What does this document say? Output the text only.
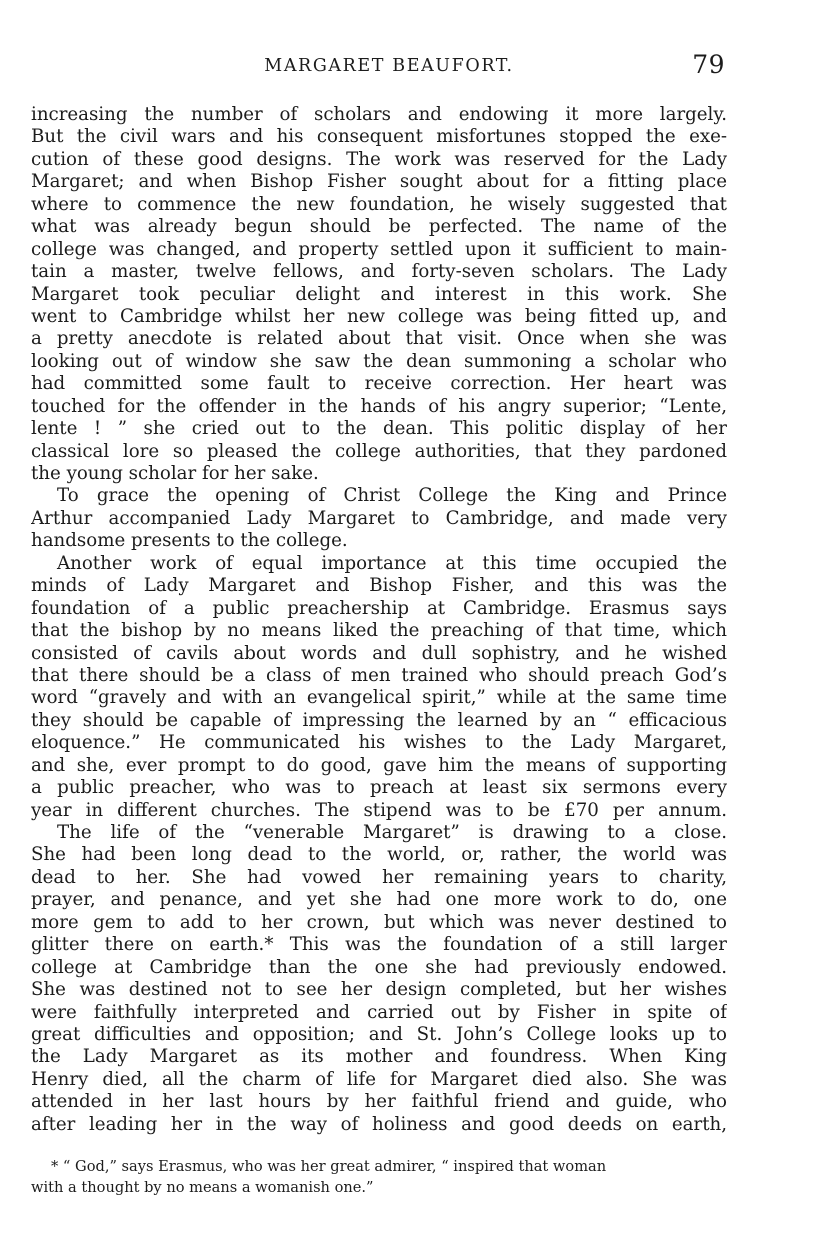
MARGARET BEAUFORT.	79
increasing the number of scholars and endowing it more largely.
But the civil wars and his consequent misfortunes stopped the exe-
cution of these good designs. The work was reserved for the Lady
Margaret; and when Bishop Fisher sought about for a fitting place
where to commence the new foundation, he wisely suggested that
what was already begun should be perfected. The name of the
college was changed, and property settled upon it sufficient to main-
tain a master, twelve fellows, and forty-seven scholars. The Lady
Margaret took peculiar delight and interest in this work. She
went to Cambridge whilst her new college was being fitted up, and
a pretty anecdote is related about that visit. Once when she was
looking out of window she saw the dean summoning a scholar who
had committed some fault to receive correction. Her heart was
touched for the offender in the hands of his angry superior; “Lente,
lente ! ” she cried out to the dean. This politic display of her
classical lore so pleased the college authorities, that they pardoned
the young scholar for her sake.
To grace the opening of Christ College the King and Prince
Arthur accompanied Lady Margaret to Cambridge, and made very
handsome presents to the college.
Another work of equal importance at this time occupied the
minds of Lady Margaret and Bishop Fisher, and this was the
foundation of a public preachership at Cambridge. Erasmus says
that the bishop by no means liked the preaching of that time, which
consisted of cavils about words and dull sophistry, and he wished
that there should be a class of men trained who should preach God’s
word “gravely and with an evangelical spirit,” while at the same time
they should be capable of impressing the learned by an “ efficacious
eloquence.” He communicated his wishes to the Lady Margaret,
and she, ever prompt to do good, gave him the means of supporting
a public preacher, who was to preach at least six sermons every
year in different churches. The stipend was to be £70 per annum.
The life of the “venerable Margaret” is drawing to a close.
She had been long dead to the world, or, rather, the world was
dead to her. She had vowed her remaining years to charity,
prayer, and penance, and yet she had one more work to do, one
more gem to add to her crown, but which was never destined to
glitter there on earth.* This was the foundation of a still larger
college at Cambridge than the one she had previously endowed.
She was destined not to see her design completed, but her wishes
were faithfully interpreted and carried out by Fisher in spite of
great difficulties and opposition; and St. John’s College looks up to
the Lady Margaret as its mother and foundress. When King
Henry died, all the charm of life for Margaret died also. She was
attended in her last hours by her faithful friend and guide, who
after leading her in the way of holiness and good deeds on earth,
* “ God,” says Erasmus, who was her great admirer, “ inspired that woman
with a thought by no means a womanish one.”
